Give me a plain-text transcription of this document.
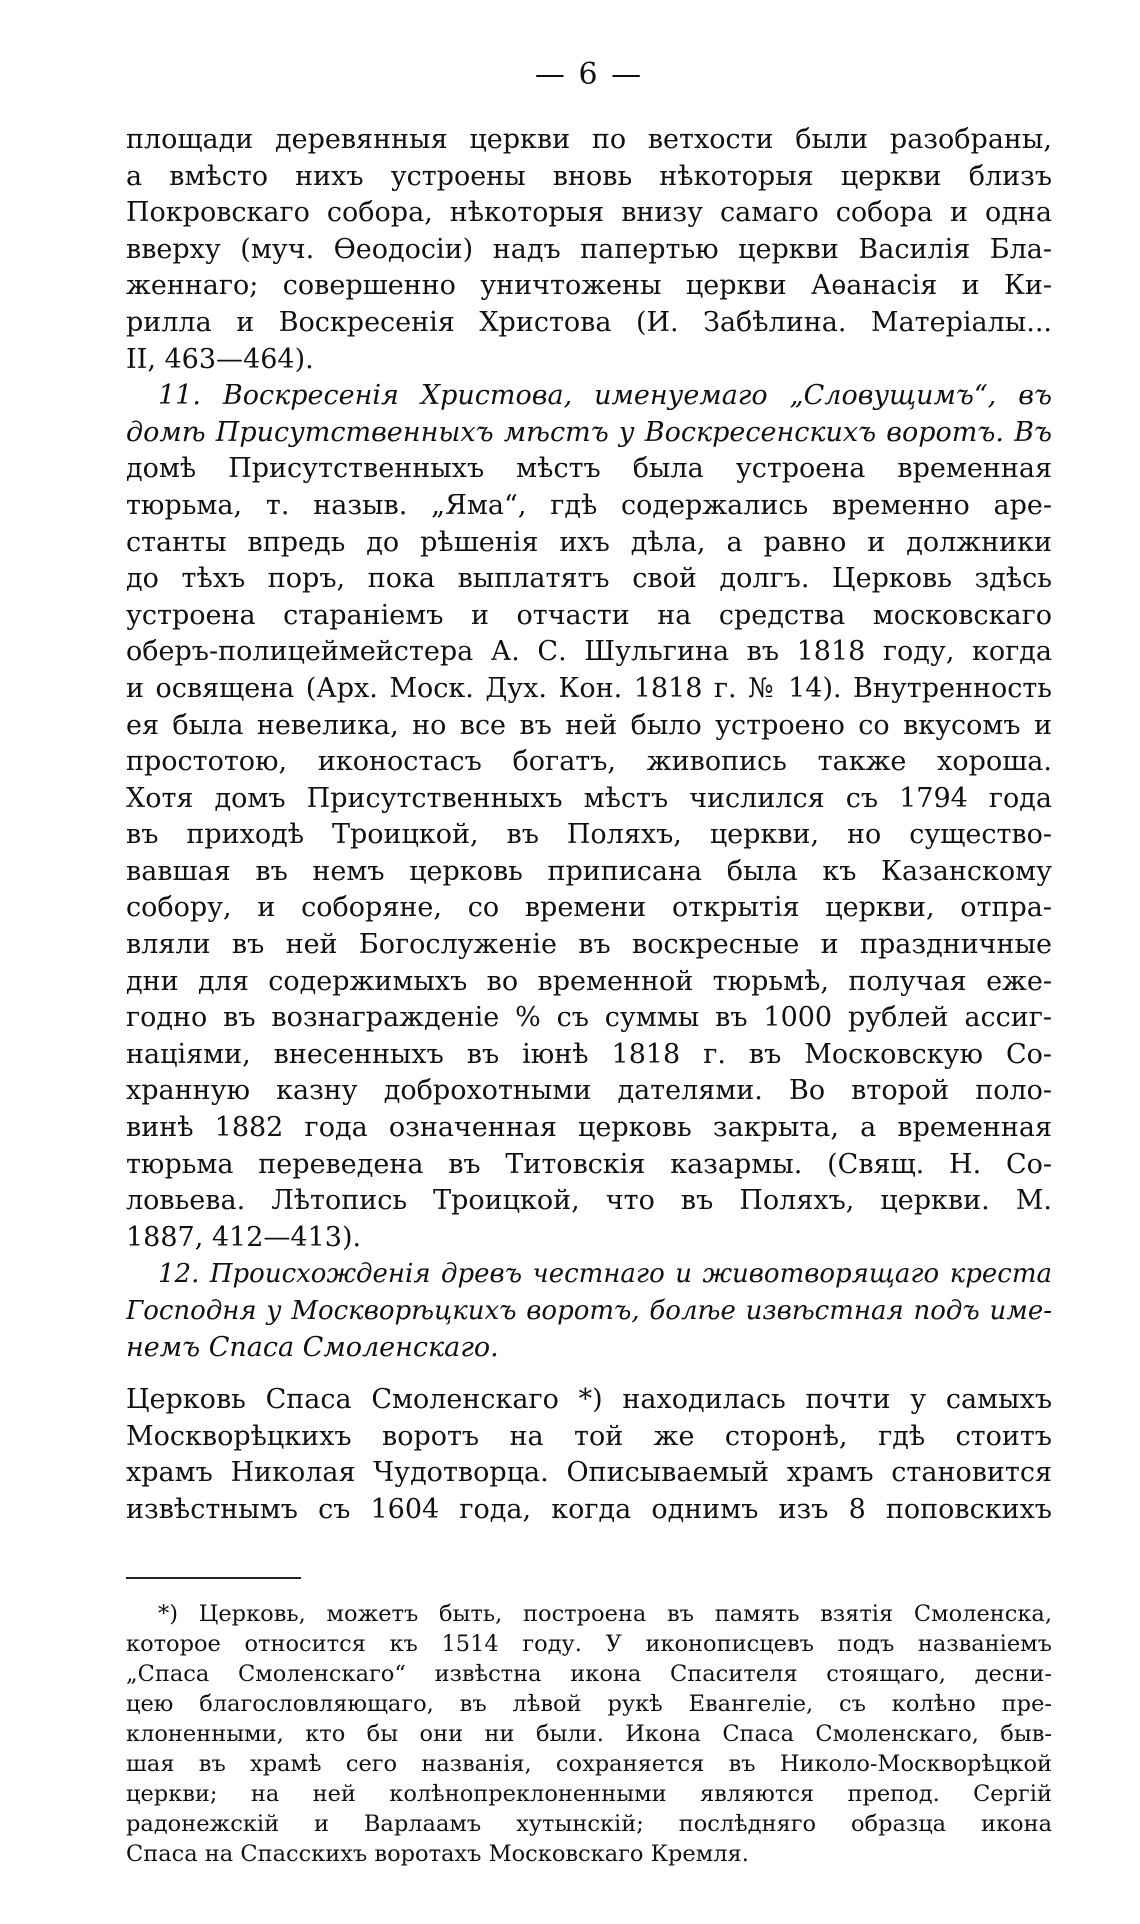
— 6 —
площади деревянныя церкви по ветхости были разобраны,
а вмѣсто нихъ устроены вновь нѣкоторыя церкви близъ
Покровскаго собора, нѣкоторыя внизу самаго собора и одна
вверху (муч. Ѳеодосіи) надъ папертью церкви Василія Бла-
женнаго; совершенно уничтожены церкви Аѳанасія и Ки-
рилла и Воскресенія Христова (И. Забѣлина. Матеріалы...
II, 463—464).
11. Воскресенія Христова, именуемаго „Словущимъ“, въ
домѣ Присутственныхъ мѣстъ у Воскресенскихъ воротъ. Въ
домѣ Присутственныхъ мѣстъ была устроена временная
тюрьма, т. назыв. „Яма“, гдѣ содержались временно аре-
станты впредь до рѣшенія ихъ дѣла, а равно и должники
до тѣхъ поръ, пока выплатятъ свой долгъ. Церковь здѣсь
устроена стараніемъ и отчасти на средства московскаго
оберъ-полицеймейстера А. С. Шульгина въ 1818 году, когда
и освящена (Арх. Моск. Дух. Кон. 1818 г. № 14). Внутренность
ея была невелика, но все въ ней было устроено со вкусомъ и
простотою, иконостасъ богатъ, живопись также хороша.
Хотя домъ Присутственныхъ мѣстъ числился съ 1794 года
въ приходѣ Троицкой, въ Поляхъ, церкви, но существо-
вавшая въ немъ церковь приписана была къ Казанскому
собору, и соборяне, со времени открытія церкви, отпра-
вляли въ ней Богослуженіе въ воскресные и праздничные
дни для содержимыхъ во временной тюрьмѣ, получая еже-
годно въ вознагражденіе % съ суммы въ 1000 рублей ассиг-
націями, внесенныхъ въ іюнѣ 1818 г. въ Московскую Со-
хранную казну доброхотными дателями. Во второй поло-
винѣ 1882 года означенная церковь закрыта, а временная
тюрьма переведена въ Титовскія казармы. (Свящ. Н. Со-
ловьева. Лѣтопись Троицкой, что въ Поляхъ, церкви. М.
1887, 412—413).
12. Происхожденія древъ честнаго и животворящаго креста
Господня у Москворѣцкихъ воротъ, болѣе извѣстная подъ име-
немъ Спаса Смоленскаго.
Церковь Спаса Смоленскаго *) находилась почти у самыхъ
Москворѣцкихъ воротъ на той же сторонѣ, гдѣ стоитъ
храмъ Николая Чудотворца. Описываемый храмъ становится
извѣстнымъ съ 1604 года, когда однимъ изъ 8 поповскихъ
*) Церковь, можетъ быть, построена въ память взятія Смоленска,
которое относится къ 1514 году. У иконописцевъ подъ названіемъ
„Спаса Смоленскаго“ извѣстна икона Спасителя стоящаго, десни-
цею благословляющаго, въ лѣвой рукѣ Евангеліе, съ колѣно пре-
клоненными, кто бы они ни были. Икона Спаса Смоленскаго, быв-
шая въ храмѣ сего названія, сохраняется въ Николо-Москворѣцкой
церкви; на ней колѣнопреклоненными являются препод. Сергій
радонежскій и Варлаамъ хутынскій; послѣдняго образца икона
Спаса на Спасскихъ воротахъ Московскаго Кремля.
